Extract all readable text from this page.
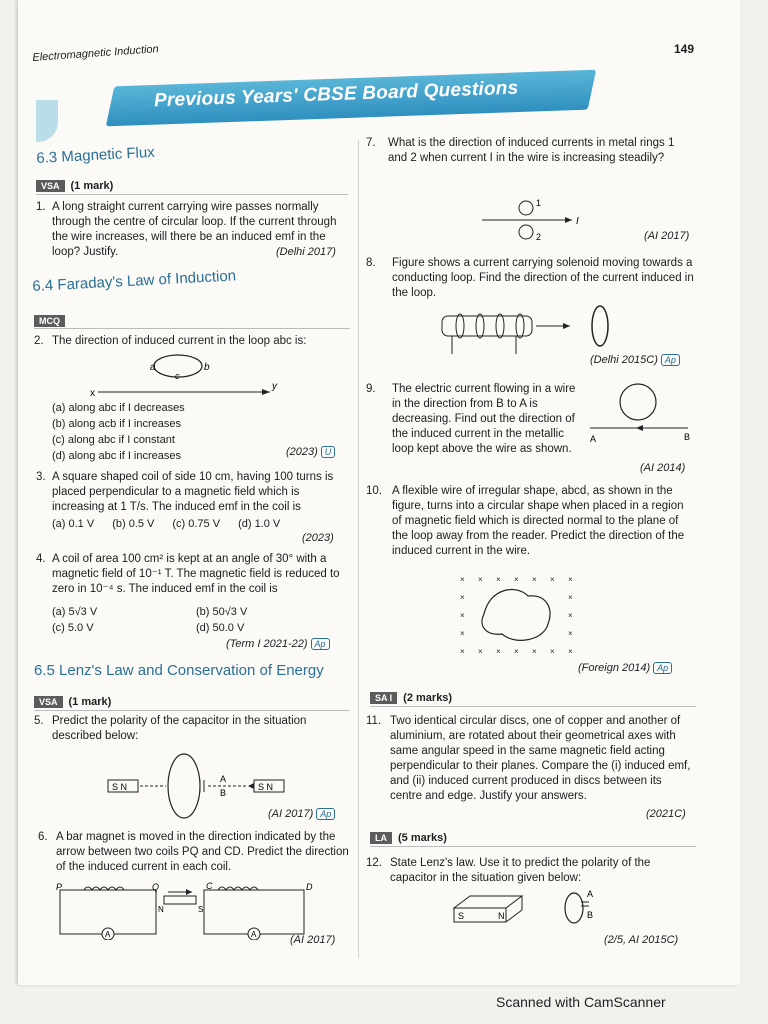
Electromagnetic Induction	149
Previous Years' CBSE Board Questions
6.3 Magnetic Flux
VSA (1 mark)
1. A long straight current carrying wire passes normally through the centre of circular loop. If the current through the wire increases, will there be an induced emf in the loop? Justify.	(Delhi 2017)
6.4 Faraday's Law of Induction
MCQ
2. The direction of induced current in the loop abc is:
a	b
c
x
y
(a) along abc if I decreases
(b) along acb if I increases
(c) along abc if I constant
(d) along abc if I increases	(2023) U
3. A square shaped coil of side 10 cm, having 100 turns is placed perpendicular to a magnetic field which is increasing at 1 T/s. The induced emf in the coil is
(a) 0.1 V (b) 0.5 V (c) 0.75 V (d) 1.0 V
(2023)
4. A coil of area 100 cm² is kept at an angle of 30° with a magnetic field of 10⁻¹ T. The magnetic field is reduced to zero in 10⁻⁴ s. The induced emf in the coil is
(a) 5√3 V	(b) 50√3 V
(c) 5.0 V	(d) 50.0 V
(Term I 2021-22) Ap
6.5 Lenz's Law and Conservation of Energy
VSA (1 mark)
5. Predict the polarity of the capacitor in the situation described below:
S N
A
B
S N
(AI 2017) Ap
6. A bar magnet is moved in the direction indicated by the arrow between two coils PQ and CD. Predict the direction of the induced current in each coil.
A
P	Q
N	S
A
C	D
(AI 2017)
7. What is the direction of induced currents in metal rings 1 and 2 when current I in the wire is increasing steadily?
1
I
2	(AI 2017)
8. Figure shows a current carrying solenoid moving towards a conducting loop. Find the direction of the current induced in the loop.
(Delhi 2015C) Ap
9. The electric current flowing in a wire in the direction from B to A is decreasing. Find out the direction of the induced current in the metallic loop kept above the wire as shown.
A	B
(AI 2014)
10. A flexible wire of irregular shape, abcd, as shown in the figure, turns into a circular shape when placed in a region of magnetic field which is directed normal to the plane of the loop away from the reader. Predict the direction of the induced current in the wire.
× × × × × × ×
×	×
×	×
×	×
× × × × × × ×
(Foreign 2014) Ap
SA I (2 marks)
11. Two identical circular discs, one of copper and another of aluminium, are rotated about their geometrical axes with same angular speed in the same magnetic field acting perpendicular to their planes. Compare the (i) induced emf, and (ii) induced current produced in discs between its centre and edge. Justify your answers.
(2021C)
LA (5 marks)
12. State Lenz's law. Use it to predict the polarity of the capacitor in the situation given below:
S	N
A
B
(2/5, AI 2015C)
Scanned with CamScanner
